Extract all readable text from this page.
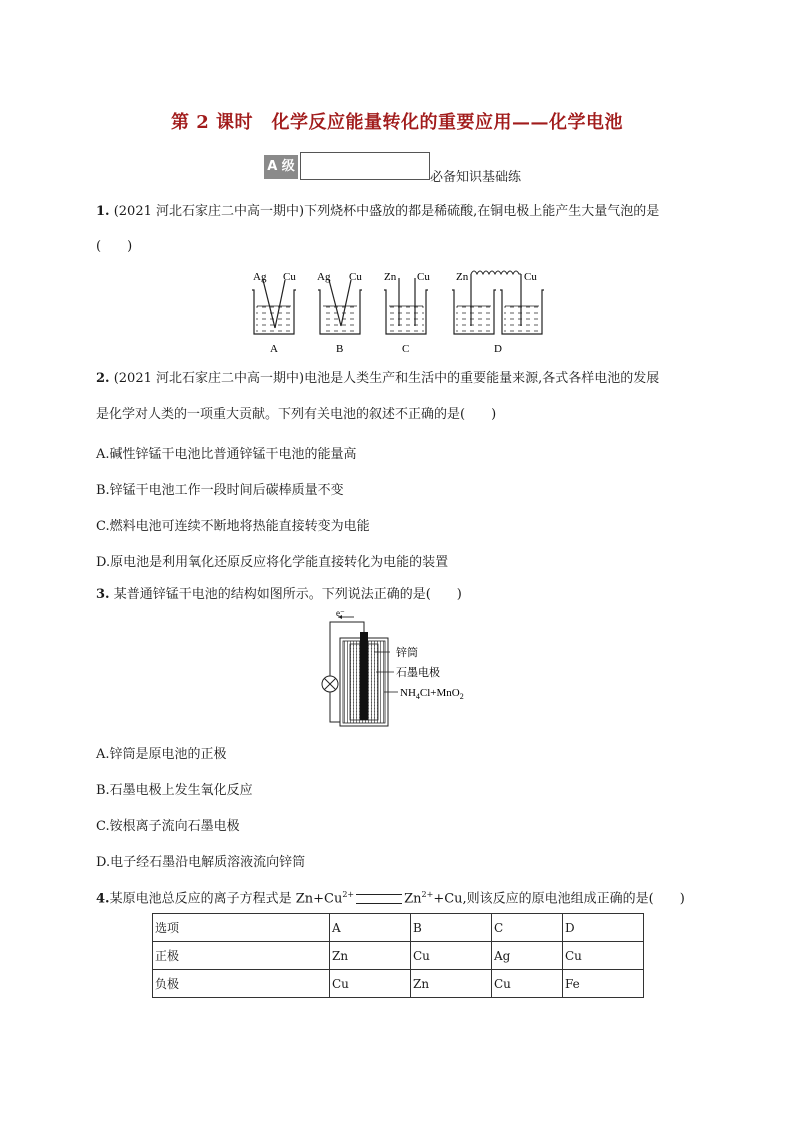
第 2 课时　化学反应能量转化的重要应用——化学电池
A 级
必备知识基础练
1. (2021 河北石家庄二中高一期中)下列烧杯中盛放的都是稀硫酸,在铜电极上能产生大量气泡的是
(　　)
Ag Cu
A
Ag Cu
B
Zn Cu
C
Zn	Cu
D
2. (2021 河北石家庄二中高一期中)电池是人类生产和生活中的重要能量来源,各式各样电池的发展
是化学对人类的一项重大贡献。下列有关电池的叙述不正确的是(　　)
A.碱性锌锰干电池比普通锌锰干电池的能量高
B.锌锰干电池工作一段时间后碳棒质量不变
C.燃料电池可连续不断地将热能直接转变为电能
D.原电池是利用氧化还原反应将化学能直接转化为电能的装置
3. 某普通锌锰干电池的结构如图所示。下列说法正确的是(　　)
e⁻
锌筒
石墨电极
$NH_4Cl+MnO_2$
A.锌筒是原电池的正极
B.石墨电极上发生氧化反应
C.铵根离子流向石墨电极
D.电子经石墨沿电解质溶液流向锌筒
4.某原电池总反应的离子方程式是 $Zn+Cu^{2+}$	$Zn^{2+}+Cu$,则该反应的原电池组成正确的是(　　)
选项	A	B	C	D
正极	Zn	Cu	Ag	Cu
负极	Cu	Zn	Cu	Fe
